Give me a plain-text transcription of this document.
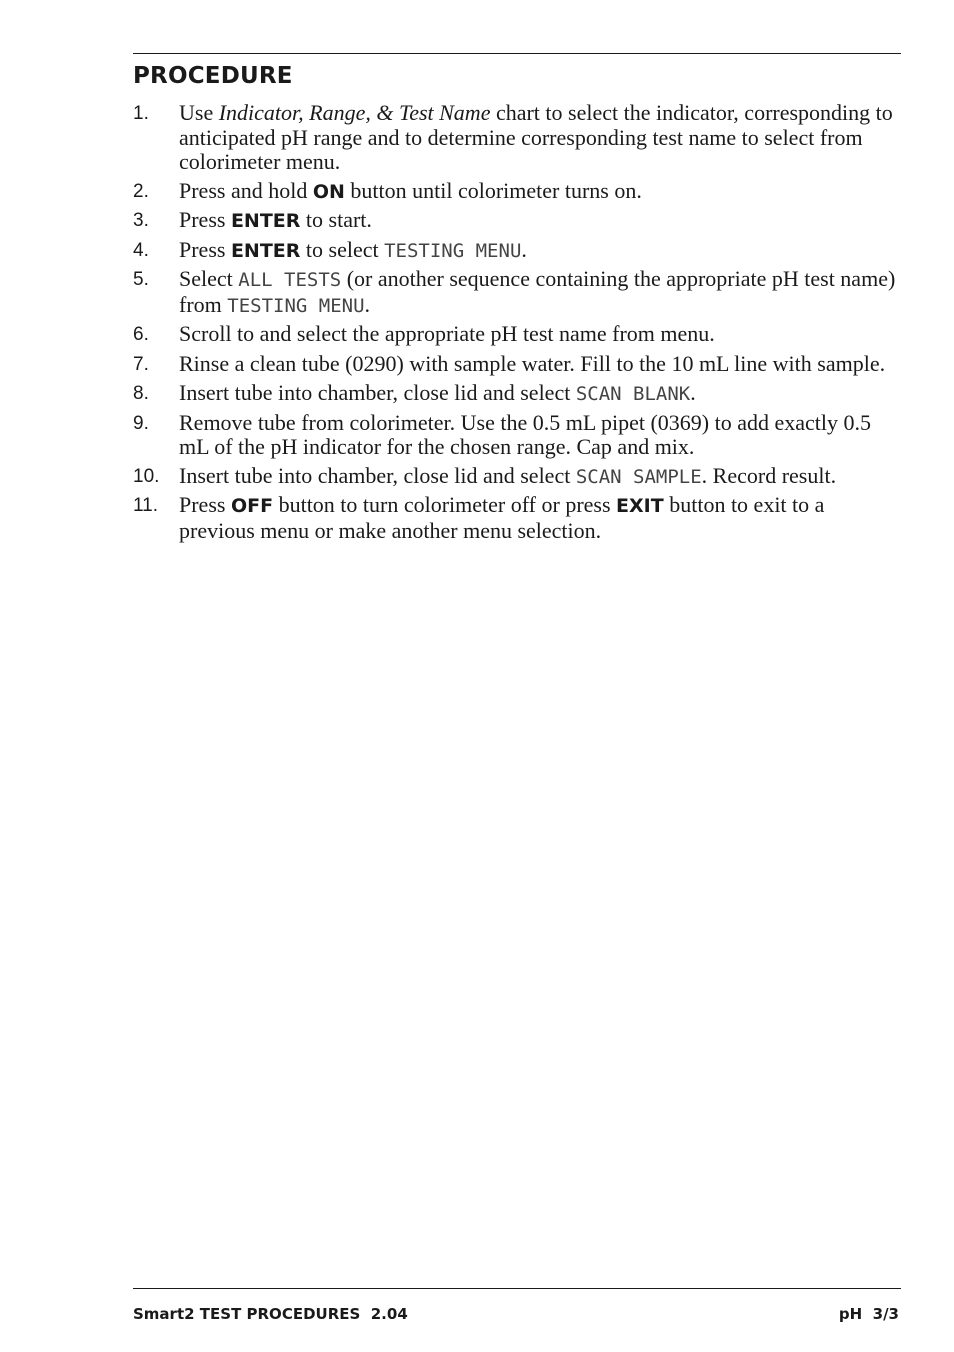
PROCEDURE
1.	Use Indicator, Range, & Test Name chart to select the indicator, corresponding to anticipated pH range and to determine corresponding test name to select from colorimeter menu.
2.	Press and hold ON button until colorimeter turns on.
3.	Press ENTER to start.
4.	Press ENTER to select TESTING MENU.
5.	Select ALL TESTS (or another sequence containing the appropriate pH test name) from TESTING MENU.
6.	Scroll to and select the appropriate pH test name from menu.
7.	Rinse a clean tube (0290) with sample water. Fill to the 10 mL line with sample.
8.	Insert tube into chamber, close lid and select SCAN BLANK.
9.	Remove tube from colorimeter. Use the 0.5 mL pipet (0369) to add exactly 0.5 mL of the pH indicator for the chosen range. Cap and mix.
10. Insert tube into chamber, close lid and select SCAN SAMPLE. Record result.
11. Press OFF button to turn colorimeter off or press EXIT button to exit to a previous menu or make another menu selection.
Smart2 TEST PROCEDURES  2.04	pH  3/3
